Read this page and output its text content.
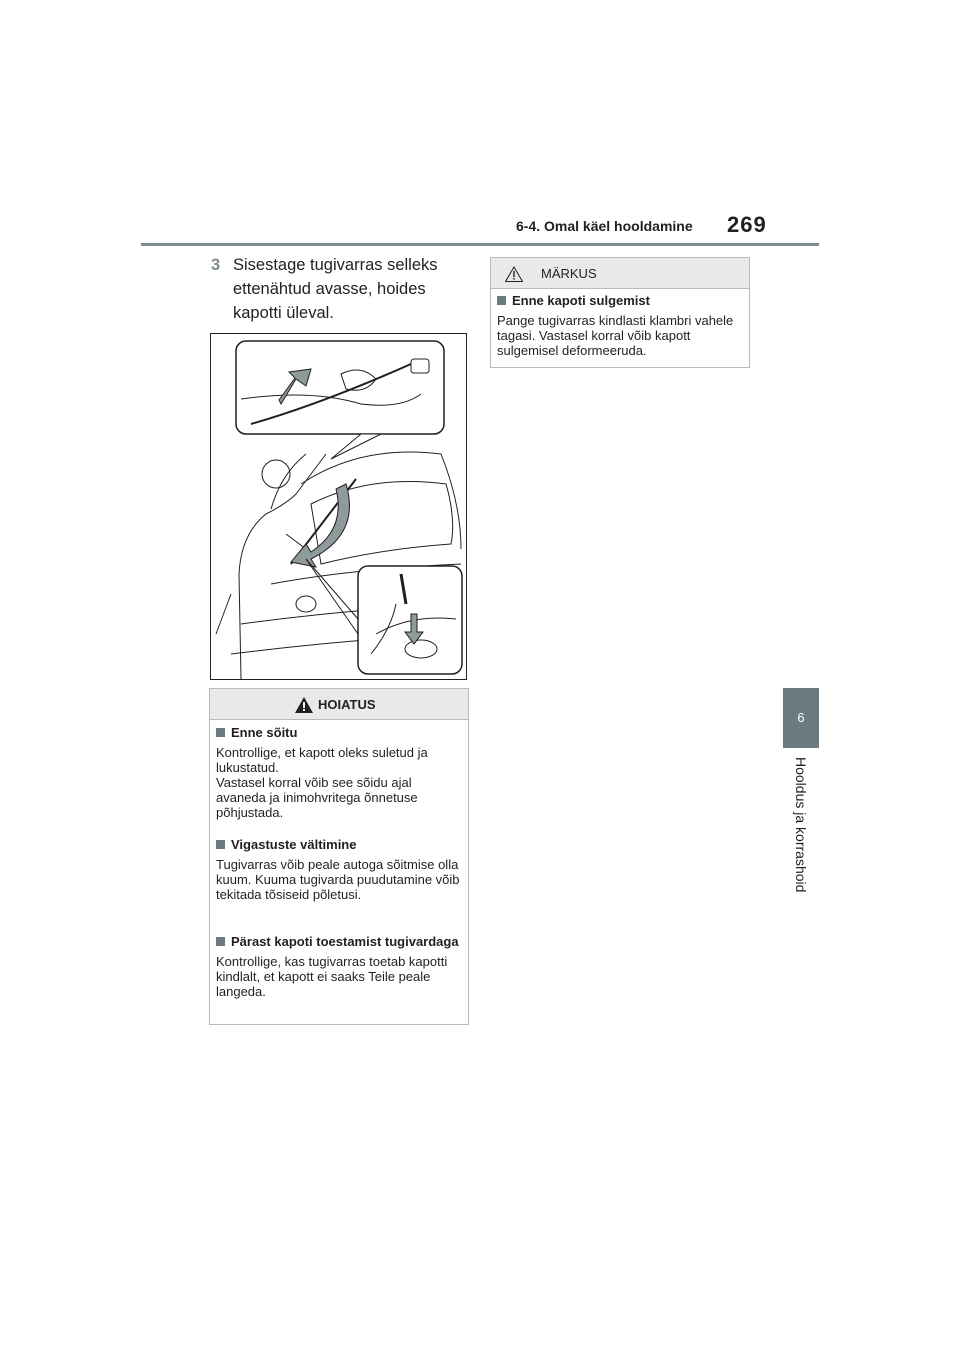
6-4. Omal käel hooldamine 269
6
Hooldus ja korrashoid
3 Sisestage tugivarras selleks ettenähtud avasse, hoides kapotti üleval.
HOIATUS
Enne sõitu
Kontrollige, et kapott oleks suletud ja lukustatud.
Vastasel korral võib see sõidu ajal avaneda ja inimohvritega õnnetuse põhjustada.
Vigastuste vältimine
Tugivarras võib peale autoga sõitmise olla kuum. Kuuma tugivarda puudutamine võib tekitada tõsiseid põletusi.
Pärast kapoti toestamist tugivardaga
Kontrollige, kas tugivarras toetab kapotti kindlalt, et kapott ei saaks Teile peale langeda.
MÄRKUS
Enne kapoti sulgemist
Pange tugivarras kindlasti klambri vahele tagasi. Vastasel korral võib kapott sulgemisel deformeeruda.
